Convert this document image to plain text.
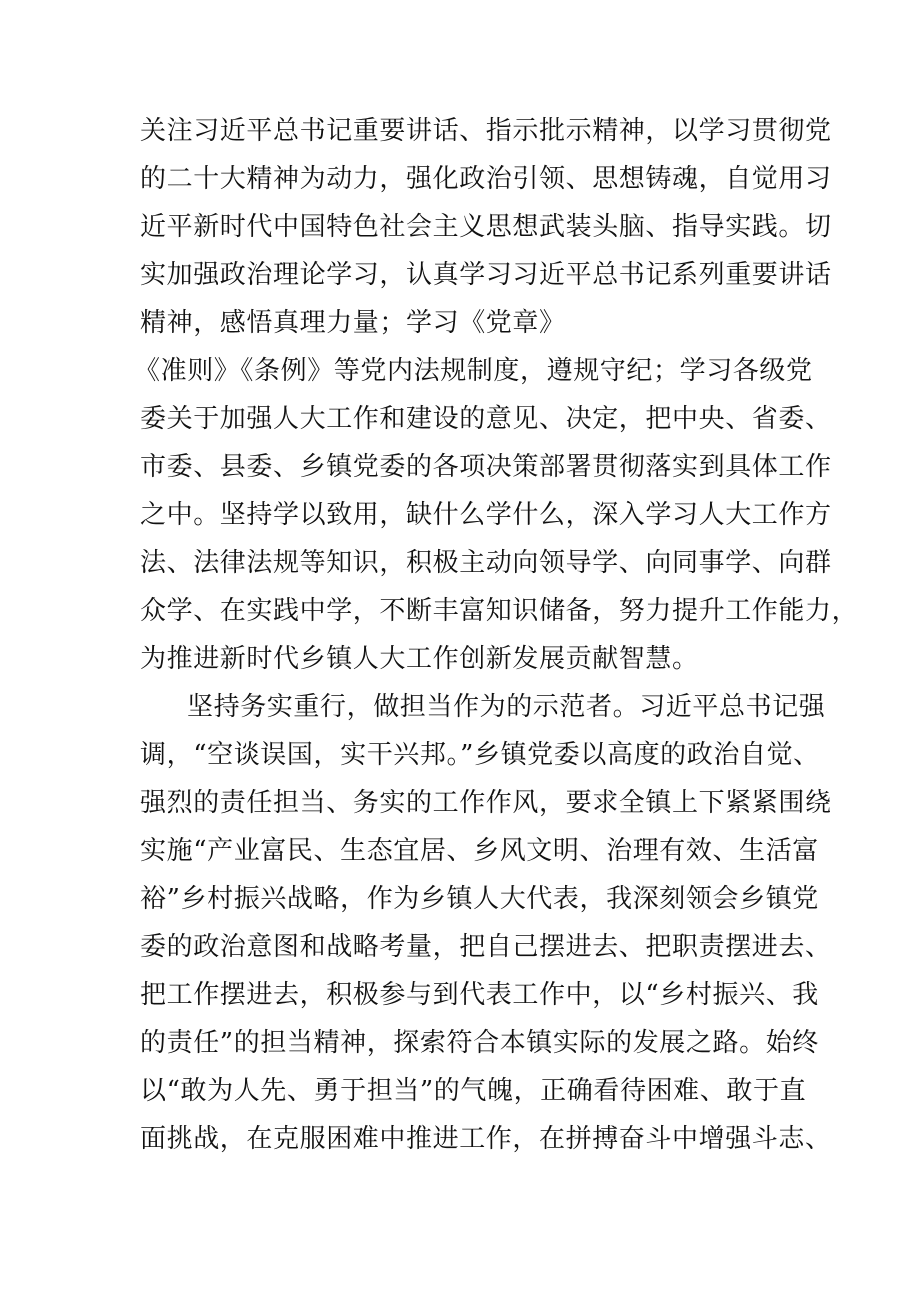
关注习近平总书记重要讲话、指示批示精神，以学习贯彻党
的二十大精神为动力，强化政治引领、思想铸魂，自觉用习
近平新时代中国特色社会主义思想武装头脑、指导实践。切
实加强政治理论学习，认真学习习近平总书记系列重要讲话
精神，感悟真理力量；学习《党章》
《准则》《条例》等党内法规制度，遵规守纪；学习各级党
委关于加强人大工作和建设的意见、决定，把中央、省委、
市委、县委、乡镇党委的各项决策部署贯彻落实到具体工作
之中。坚持学以致用，缺什么学什么，深入学习人大工作方
法、法律法规等知识，积极主动向领导学、向同事学、向群
众学、在实践中学，不断丰富知识储备，努力提升工作能力，
为推进新时代乡镇人大工作创新发展贡献智慧。
坚持务实重行，做担当作为的示范者。习近平总书记强
调，“空谈误国，实干兴邦。”乡镇党委以高度的政治自觉、
强烈的责任担当、务实的工作作风，要求全镇上下紧紧围绕
实施“产业富民、生态宜居、乡风文明、治理有效、生活富
裕”乡村振兴战略，作为乡镇人大代表，我深刻领会乡镇党
委的政治意图和战略考量，把自己摆进去、把职责摆进去、
把工作摆进去，积极参与到代表工作中，以“乡村振兴、我
的责任”的担当精神，探索符合本镇实际的发展之路。始终
以“敢为人先、勇于担当”的气魄，正确看待困难、敢于直
面挑战，在克服困难中推进工作，在拼搏奋斗中增强斗志、
